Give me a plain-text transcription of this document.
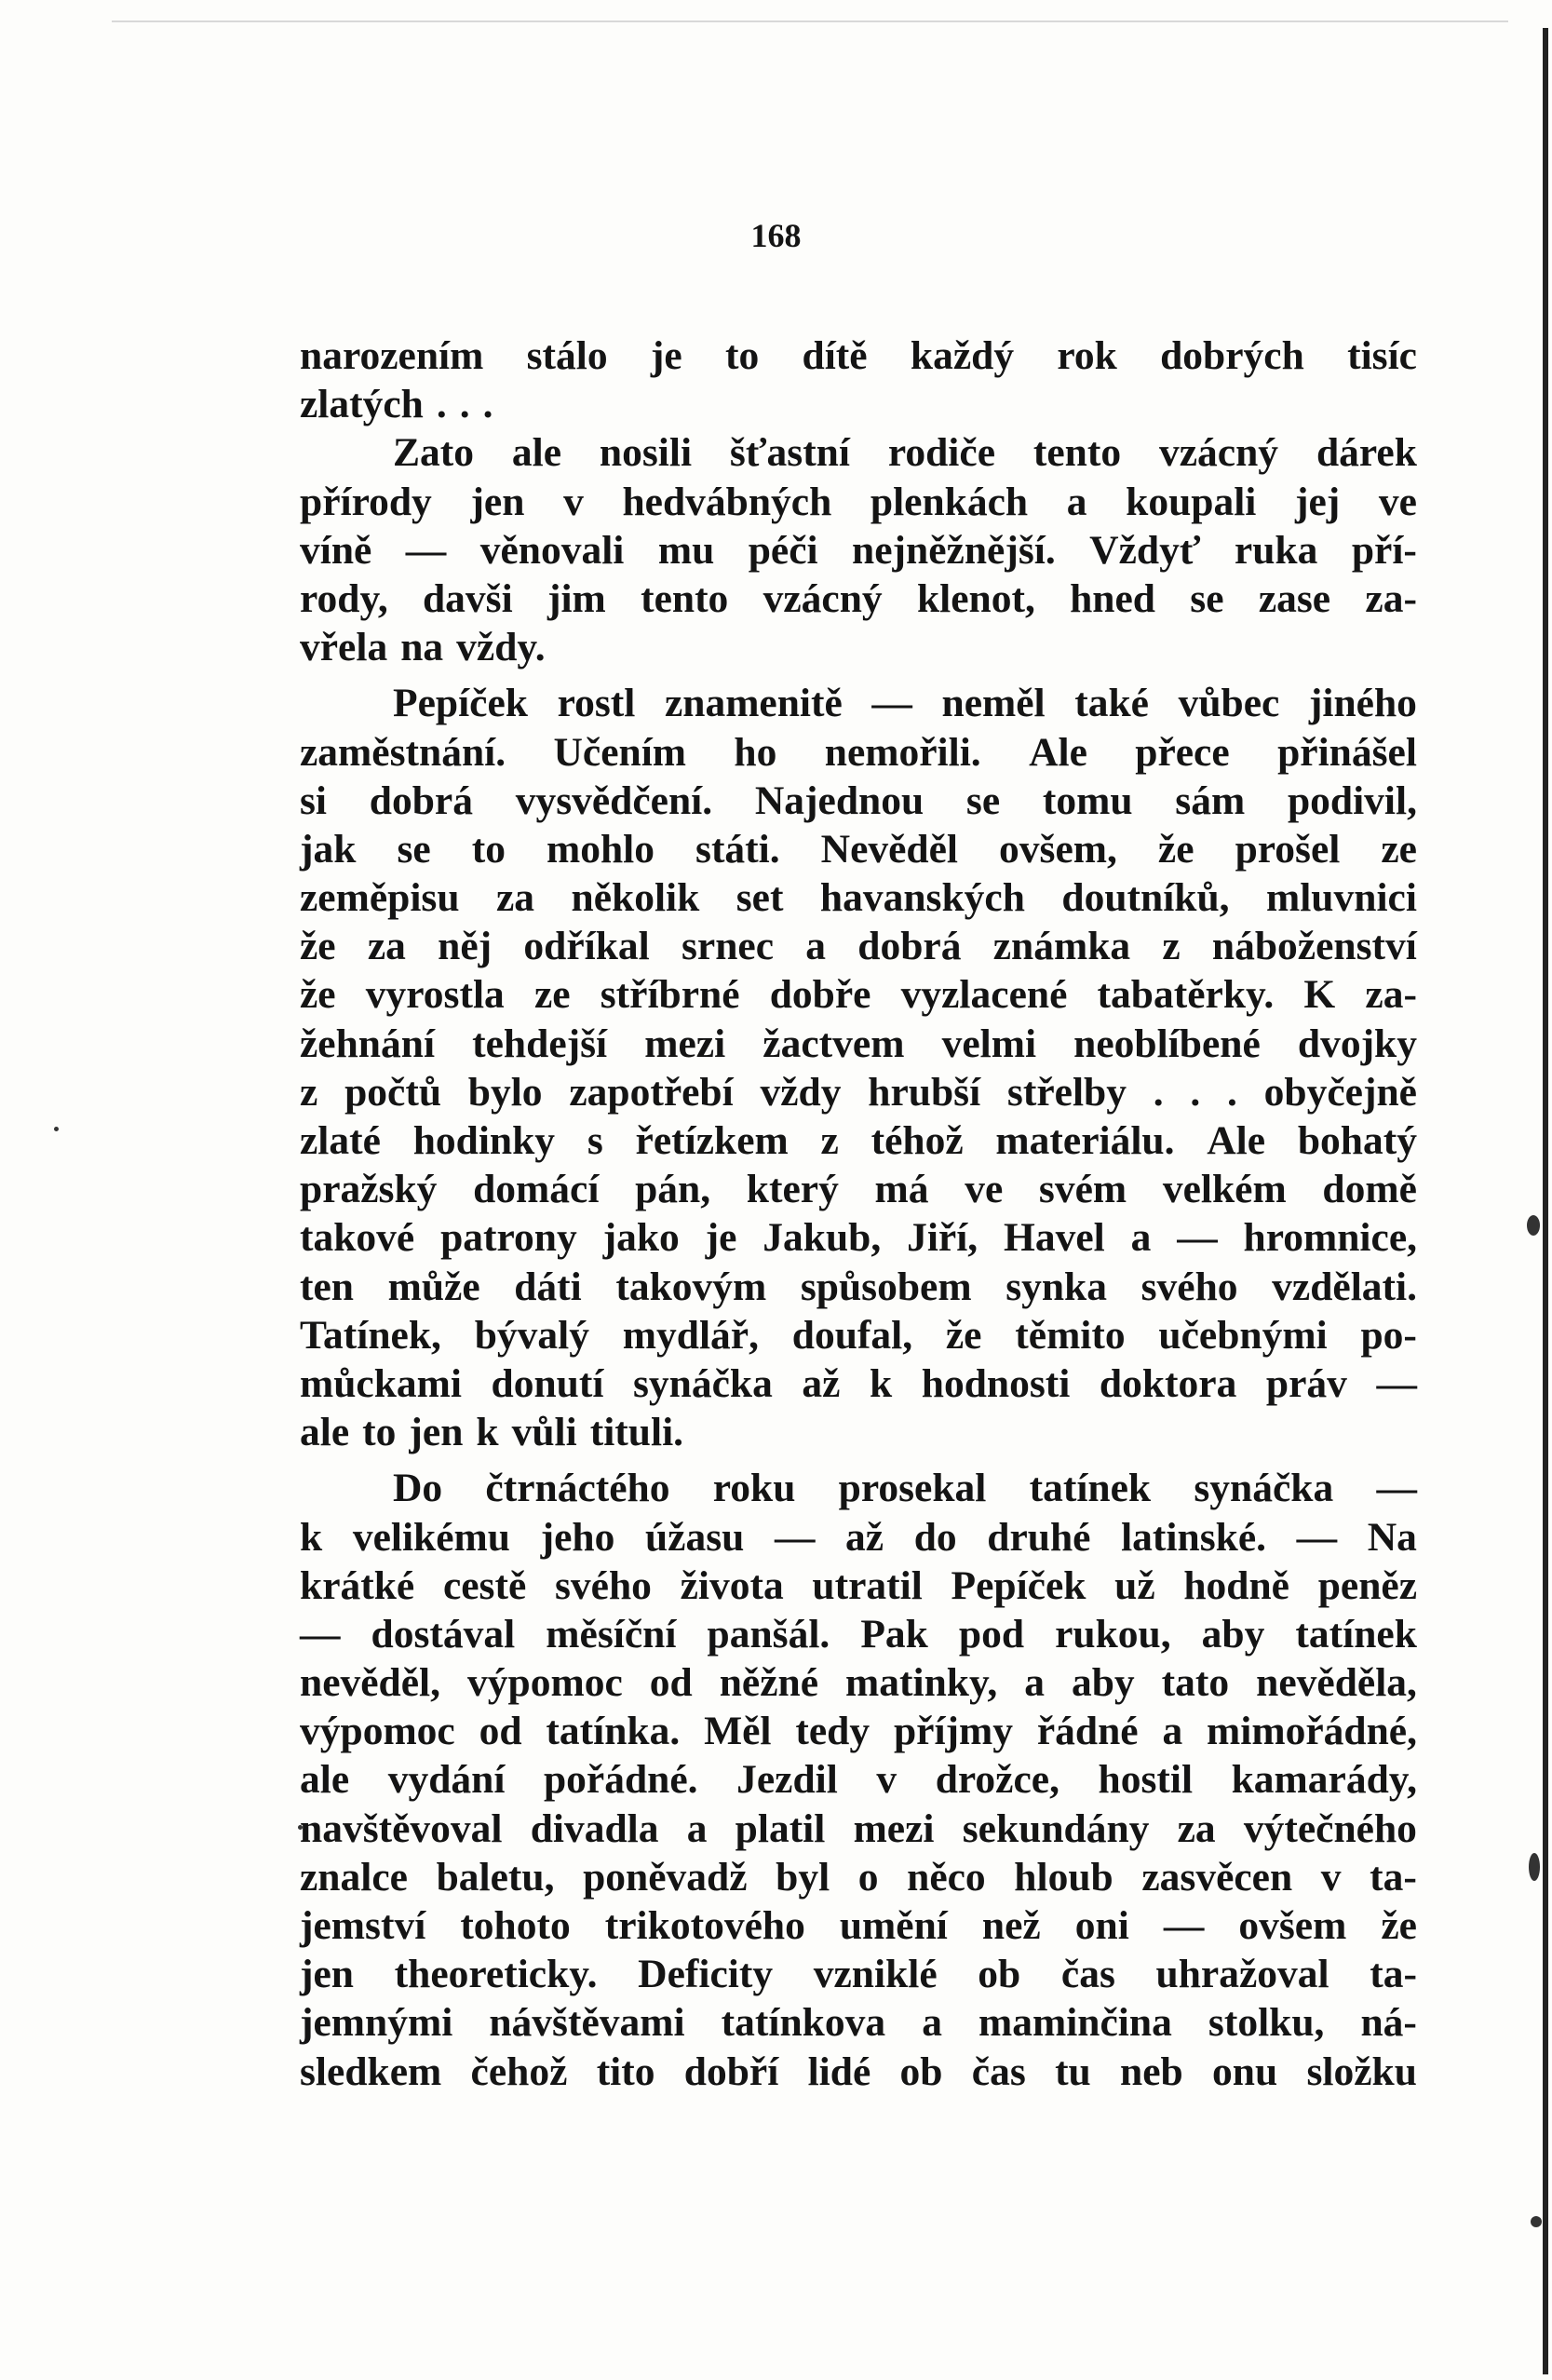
168
narozením stálo je to dítě každý rok dobrých tisíc
zlatých . . .
Zato ale nosili šťastní rodiče tento vzácný dárek
přírody jen v hedvábných plenkách a koupali jej ve
víně — věnovali mu péči nejněžnější. Vždyť ruka pří-
rody, davši jim tento vzácný klenot, hned se zase za-
vřela na vždy.
Pepíček rostl znamenitě — neměl také vůbec jiného
zaměstnání. Učením ho nemořili. Ale přece přinášel
si dobrá vysvědčení. Najednou se tomu sám podivil,
jak se to mohlo státi. Nevěděl ovšem, že prošel ze
zeměpisu za několik set havanských doutníků, mluvnici
že za něj odříkal srnec a dobrá známka z náboženství
že vyrostla ze stříbrné dobře vyzlacené tabatěrky. K za-
žehnání tehdejší mezi žactvem velmi neoblíbené dvojky
z počtů bylo zapotřebí vždy hrubší střelby . . . obyčejně
zlaté hodinky s řetízkem z téhož materiálu. Ale bohatý
pražský domácí pán, který má ve svém velkém domě
takové patrony jako je Jakub, Jiří, Havel a — hromnice,
ten může dáti takovým spůsobem synka svého vzdělati.
Tatínek, bývalý mydlář, doufal, že těmito učebnými po-
můckami donutí synáčka až k hodnosti doktora práv —
ale to jen k vůli tituli.
Do čtrnáctého roku prosekal tatínek synáčka —
k velikému jeho úžasu — až do druhé latinské. — Na
krátké cestě svého života utratil Pepíček už hodně peněz
— dostával měsíční panšál. Pak pod rukou, aby tatínek
nevěděl, výpomoc od něžné matinky, a aby tato nevěděla,
výpomoc od tatínka. Měl tedy příjmy řádné a mimořádné,
ale vydání pořádné. Jezdil v drožce, hostil kamarády,
navštěvoval divadla a platil mezi sekundány za výtečného
znalce baletu, poněvadž byl o něco hloub zasvěcen v ta-
jemství tohoto trikotového umění než oni — ovšem že
jen theoreticky. Deficity vzniklé ob čas uhražoval ta-
jemnými návštěvami tatínkova a maminčina stolku, ná-
sledkem čehož tito dobří lidé ob čas tu neb onu složku
